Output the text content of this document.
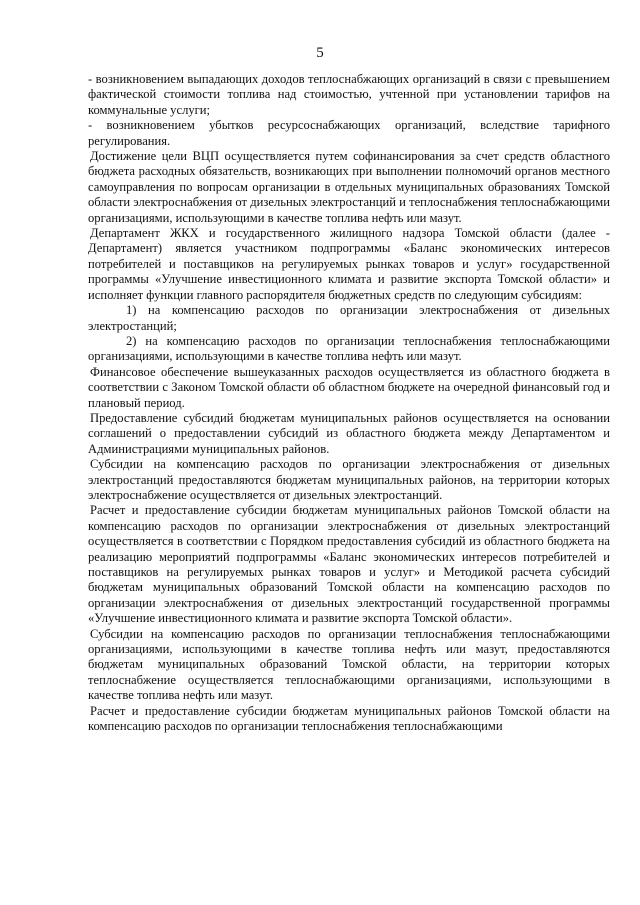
5

- возникновением выпадающих доходов теплоснабжающих организаций в связи с превышением фактической стоимости топлива над стоимостью, учтенной при установлении тарифов на коммунальные услуги;

- возникновением убытков ресурсоснабжающих организаций, вследствие тарифного регулирования.

Достижение цели ВЦП осуществляется путем софинансирования за счет средств областного бюджета расходных обязательств, возникающих при выполнении полномочий органов местного самоуправления по вопросам организации в отдельных муниципальных образованиях Томской области электроснабжения от дизельных электростанций и теплоснабжения теплоснабжающими организациями, использующими в качестве топлива нефть или мазут.

Департамент ЖКХ и государственного жилищного надзора Томской области (далее - Департамент) является участником подпрограммы «Баланс экономических интересов потребителей и поставщиков на регулируемых рынках товаров и услуг» государственной программы «Улучшение инвестиционного климата и развитие экспорта Томской области» и исполняет функции главного распорядителя бюджетных средств по следующим субсидиям:

1) на компенсацию расходов по организации электроснабжения от дизельных электростанций;

2) на компенсацию расходов по организации теплоснабжения теплоснабжающими организациями, использующими в качестве топлива нефть или мазут.

Финансовое обеспечение вышеуказанных расходов осуществляется из областного бюджета в соответствии с Законом Томской области об областном бюджете на очередной финансовый год и плановый период.

Предоставление субсидий бюджетам муниципальных районов осуществляется на основании соглашений о предоставлении субсидий из областного бюджета между Департаментом и Администрациями муниципальных районов.

Субсидии на компенсацию расходов по организации электроснабжения от дизельных электростанций предоставляются бюджетам муниципальных районов, на территории которых электроснабжение осуществляется от дизельных электростанций.

Расчет и предоставление субсидии бюджетам муниципальных районов Томской области на компенсацию расходов по организации электроснабжения от дизельных электростанций осуществляется в соответствии с Порядком предоставления субсидий из областного бюджета на реализацию мероприятий подпрограммы «Баланс экономических интересов потребителей и поставщиков на регулируемых рынках товаров и услуг» и Методикой расчета субсидий бюджетам муниципальных образований Томской области на компенсацию расходов по организации электроснабжения от дизельных электростанций государственной программы «Улучшение инвестиционного климата и развитие экспорта Томской области».

Субсидии на компенсацию расходов по организации теплоснабжения теплоснабжающими организациями, использующими в качестве топлива нефть или мазут, предоставляются бюджетам муниципальных образований Томской области, на территории которых теплоснабжение осуществляется теплоснабжающими организациями, использующими в качестве топлива нефть или мазут.

Расчет и предоставление субсидии бюджетам муниципальных районов Томской области на компенсацию расходов по организации теплоснабжения теплоснабжающими
